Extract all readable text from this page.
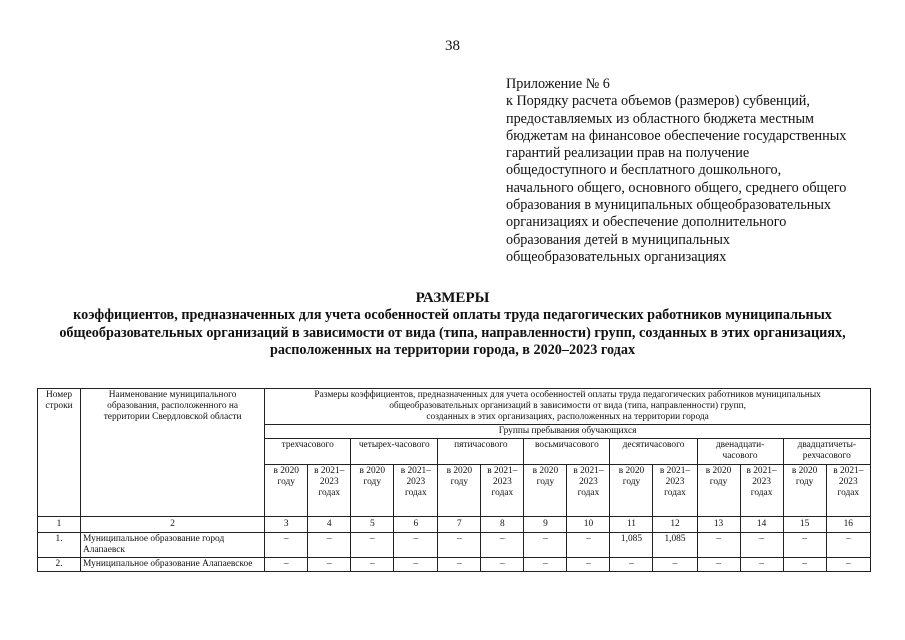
38
Приложение № 6
к Порядку расчета объемов (размеров) субвенций,
предоставляемых из областного бюджета местным
бюджетам на финансовое обеспечение государственных
гарантий реализации прав на получение
общедоступного и бесплатного дошкольного,
начального общего, основного общего, среднего общего
образования в муниципальных общеобразовательных
организациях и обеспечение дополнительного
образования детей в муниципальных
общеобразовательных организациях
РАЗМЕРЫ
коэффициентов, предназначенных для учета особенностей оплаты труда педагогических работников муниципальных
общеобразовательных организаций в зависимости от вида (типа, направленности) групп, созданных в этих организациях,
расположенных на территории города, в 2020–2023 годах
Номер строки	Наименование муниципального образования, расположенного на территории Свердловской области	Размеры коэффициентов, предназначенных для учета особенностей оплаты труда педагогических работников муниципальных
общеобразовательных организаций в зависимости от вида (типа, направленности) групп,
созданных в этих организациях, расположенных на территории города													

		Группы пребывания обучающихся													
		трехчасового		четырех-часового		пятичасового		восьмичасового		десятичасового		двенадцати-часового		двадцатичеты-рехчасового	
		в 2020 году	в 2021–2023 годах	в 2020 году	в 2021–2023 годах	в 2020 году	в 2021–2023 годах	в 2020 году	в 2021–2023 годах	в 2020 году	в 2021–2023 годах	в 2020 году	в 2021–2023 годах	в 2020 году	в 2021–2023 годах
1	2	3	4	5	6	7	8	9	10	11	12	13	14	15	16
1.	Муниципальное образование город Алапаевск	–	–	–	–	–	–	–	–	1,085	1,085	–	–	–	–
2.	Муниципальное образование Алапаевское	–	–	–	–	–	–	–	–	–	–	–	–	–	–
